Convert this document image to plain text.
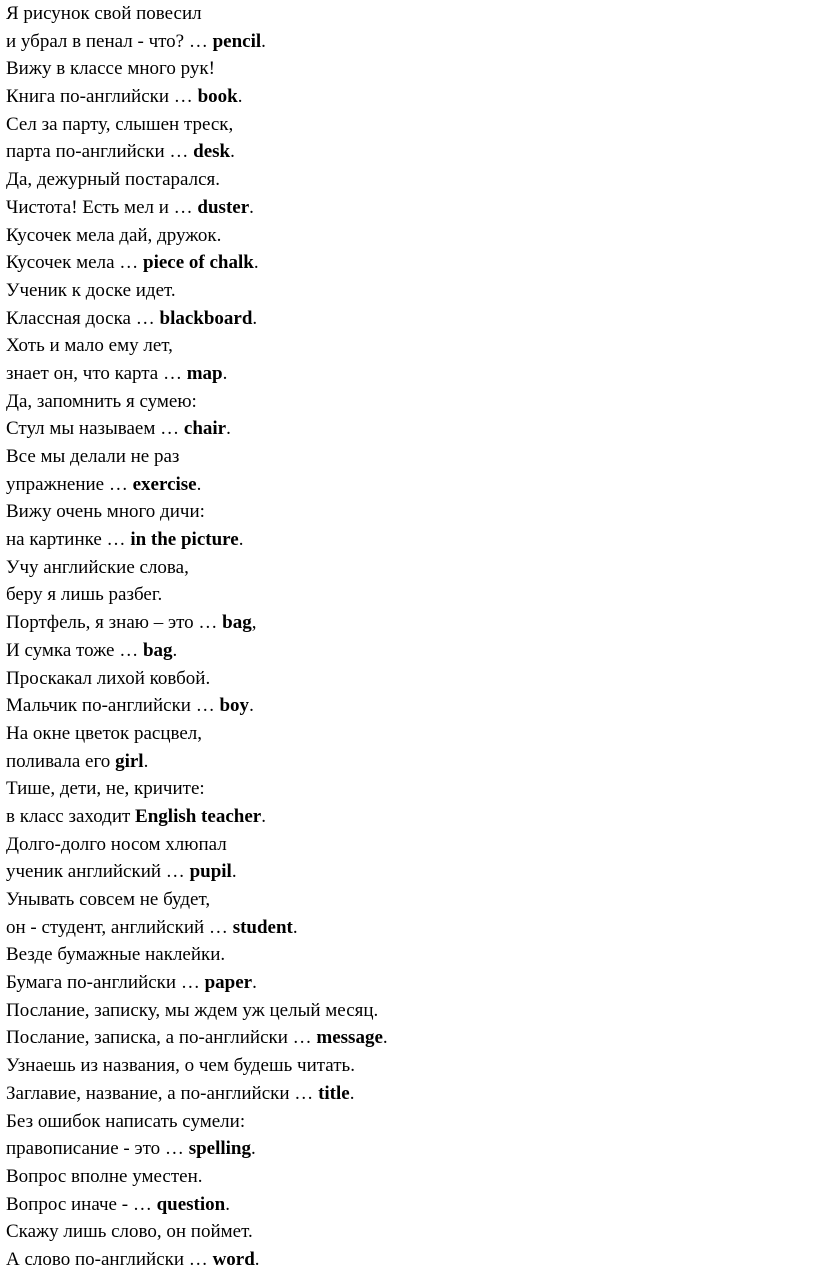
Я рисунок свой повесил
и убрал в пенал - что? … pencil.
Вижу в классе много рук!
Книга по-английски … book.
Сел за парту, слышен треск,
парта по-английски … desk.
Да, дежурный постарался.
Чистота! Есть мел и … duster.
Кусочек мела дай, дружок.
Кусочек мела … piece of chalk.
Ученик к доске идет.
Классная доска … blackboard.
Хоть и мало ему лет,
знает он, что карта … map.
Да, запомнить я сумею:
Стул мы называем … chair.
Все мы делали не раз
упражнение … exercise.
Вижу очень много дичи:
на картинке … in the picture.
Учу английские слова,
беру я лишь разбег.
Портфель, я знаю – это … bag,
И сумка тоже … bag.
Проскакал лихой ковбой.
Мальчик по-английски … boy.
На окне цветок расцвел,
поливала его girl.
Тише, дети, не, кричите:
в класс заходит English teacher.
Долго-долго носом хлюпал
ученик английский … pupil.
Унывать совсем не будет,
он - студент, английский … student.
Везде бумажные наклейки.
Бумага по-английски … paper.
Послание, записку, мы ждем уж целый месяц.
Послание, записка, а по-английски … message.
Узнаешь из названия, о чем будешь читать.
Заглавие, название, а по-английски … title.
Без ошибок написать сумели:
правописание - это … spelling.
Вопрос вполне уместен.
Вопрос иначе - … question.
Скажу лишь слово, он поймет.
А слово по-английски … word.
